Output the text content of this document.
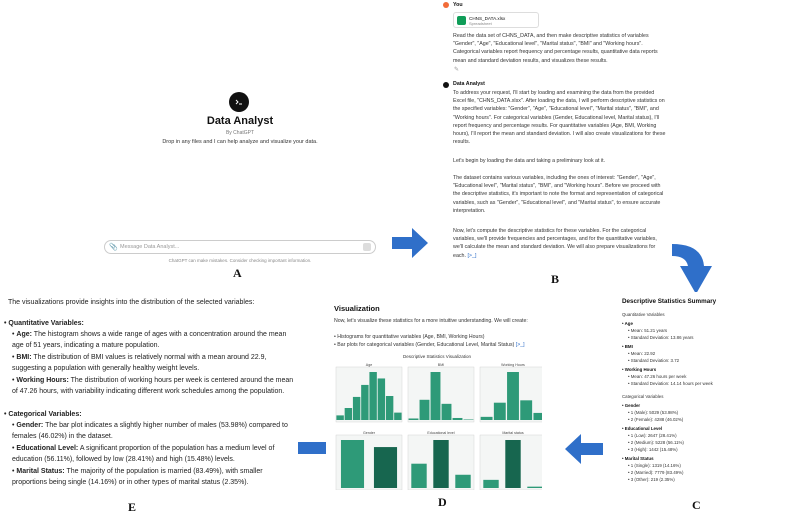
Data Analyst
By ChatGPT
Drop in any files and I can help analyze and visualize your data.
📎 Message Data Analyst...
ChatGPT can make mistakes. Consider checking important information.
A
You
CHNS_DATA.xlsx
Spreadsheet
Read the data set of CHNS_DATA, and then make descriptive statistics of variables "Gender", "Age", "Educational level", "Marital status", "BMI" and "Working hours". Categorical variables report frequency and percentage results, quantitative data reports mean and standard deviation results, and visualizes these results.
✎
Data Analyst
To address your request, I'll start by loading and examining the data from the provided Excel file, "CHNS_DATA.xlsx". After loading the data, I will perform descriptive statistics on the specified variables: "Gender", "Age", "Educational level", "Marital status", "BMI", and "Working hours". For categorical variables (Gender, Educational level, Marital status), I'll report frequency and percentage results. For quantitative variables (Age, BMI, Working hours), I'll report the mean and standard deviation. I will also create visualizations for these results.
Let's begin by loading the data and taking a preliminary look at it.
The dataset contains various variables, including the ones of interest: "Gender", "Age", "Educational level", "Marital status", "BMI", and "Working hours". Before we proceed with the descriptive statistics, it's important to note the format and representation of categorical variables, such as "Gender", "Educational level", and "Marital status", to ensure accurate interpretation.
Now, let's compute the descriptive statistics for these variables. For the categorical variables, we'll provide frequencies and percentages, and for the quantitative variables, we'll calculate the mean and standard deviation. We will also prepare visualizations for each. [>_]
B
Descriptive Statistics Summary
Quantitative Variables
• Age
• Mean: 51.21 years
• Standard Deviation: 13.86 years
• BMI
• Mean: 22.92
• Standard Deviation: 3.72
• Working Hours
• Mean: 47.26 hours per week
• Standard Deviation: 14.14 hours per week
Categorical Variables
• Gender
• 1 (Male): 5029 (53.98%)
• 2 (Female): 4288 (46.02%)
• Educational Level
• 1 (Low): 2647 (28.41%)
• 2 (Medium): 5228 (56.11%)
• 3 (High): 1442 (15.48%)
• Marital Status
• 1 (Single): 1319 (14.16%)
• 2 (Married): 7779 (83.49%)
• 3 (Other): 219 (2.35%)
C
Visualization
Now, let's visualize these statistics for a more intuitive understanding. We will create:
• Histograms for quantitative variables (Age, BMI, Working Hours)
• Bar plots for categorical variables (Gender, Educational Level, Marital Status) [>_]
Descriptive Statistics Visualization
Age	BMI	Working Hours
Gender	Educational level	Marital status
D
The visualizations provide insights into the distribution of the selected variables:
• Quantitative Variables:
• Age: The histogram shows a wide range of ages with a concentration around the mean age of 51 years, indicating a mature population.
• BMI: The distribution of BMI values is relatively normal with a mean around 22.9, suggesting a population with generally healthy weight levels.
• Working Hours: The distribution of working hours per week is centered around the mean of 47.26 hours, with variability indicating different work schedules among the population.
• Categorical Variables:
• Gender: The bar plot indicates a slightly higher number of males (53.98%) compared to females (46.02%) in the dataset.
• Educational Level: A significant proportion of the population has a medium level of education (56.11%), followed by low (28.41%) and high (15.48%) levels.
• Marital Status: The majority of the population is married (83.49%), with smaller proportions being single (14.16%) or in other types of marital status (2.35%).
E
